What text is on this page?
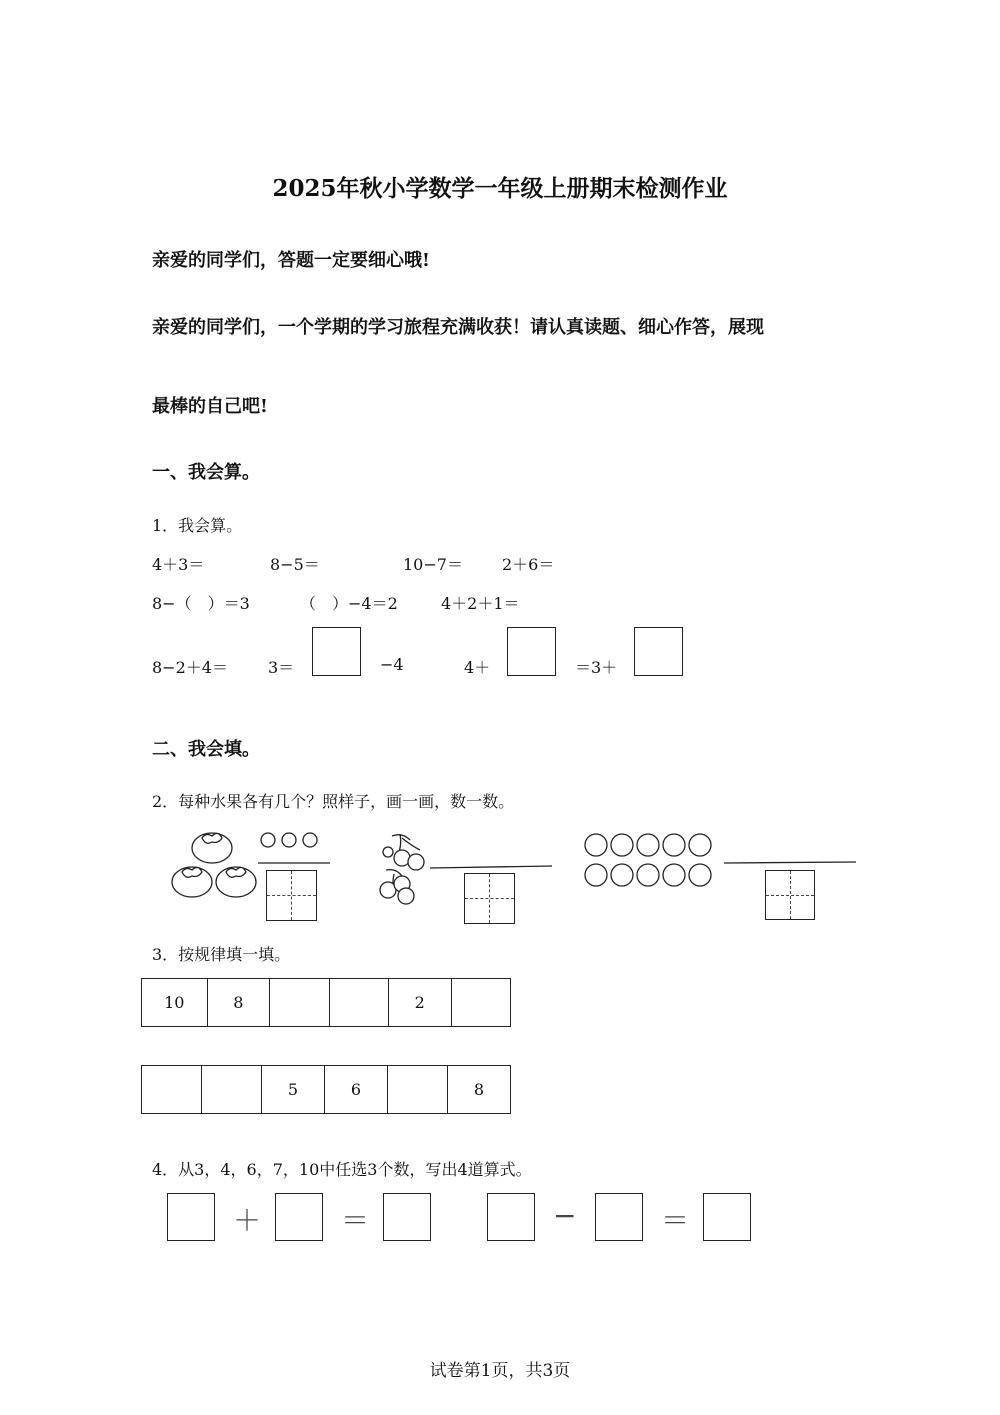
2025年秋小学数学一年级上册期末检测作业
亲爱的同学们，答题一定要细心哦!
亲爱的同学们，一个学期的学习旅程充满收获！请认真读题、细心作答，展现
最棒的自己吧!
一、我会算。
1．我会算。
4＋3＝	8−5＝	10−7＝ 2＋6＝
8−（　）＝3	（　）−4＝2	4＋2＋1＝
8−2＋4＝	3＝	−4	4＋	＝3＋
二、我会填。
2．每种水果各有几个？照样子，画一画，数一数。
3．按规律填一填。
10	8			2	
		5	6		8
4．从3，4，6，7，10中任选3个数，写出4道算式。
＋	＝	−	＝
试卷第1页，共3页
